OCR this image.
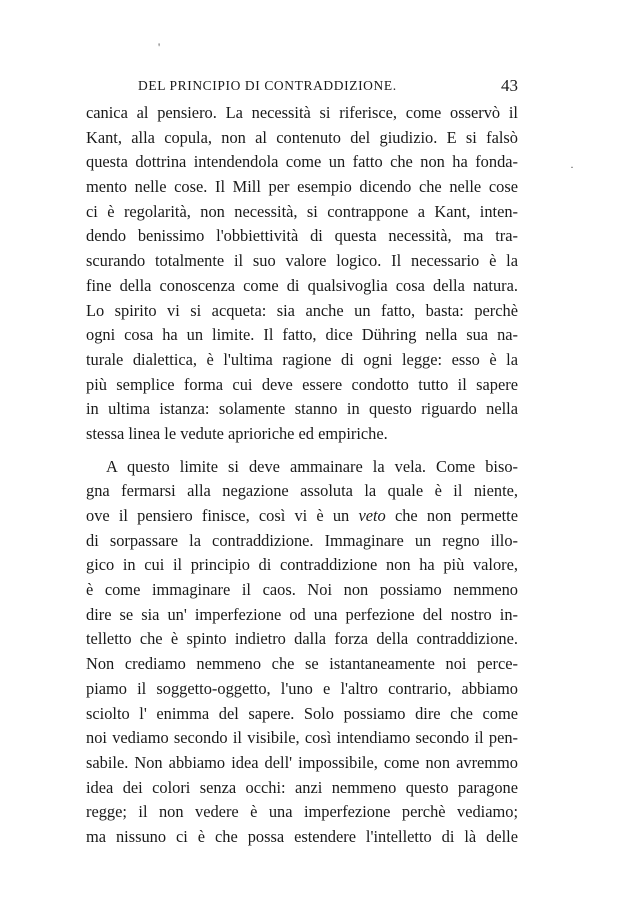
'
DEL PRINCIPIO DI CONTRADDIZIONE.	43
canica al pensiero. La necessità si riferisce, come osservò il
Kant, alla copula, non al contenuto del giudizio. E si falsò
questa dottrina intendendola come un fatto che non ha fonda-
mento nelle cose. Il Mill per esempio dicendo che nelle cose
ci è regolarità, non necessità, si contrappone a Kant, inten-
dendo benissimo l'obbiettività di questa necessità, ma tra-
scurando totalmente il suo valore logico. Il necessario è la
fine della conoscenza come di qualsivoglia cosa della natura.
Lo spirito vi si acqueta: sia anche un fatto, basta: perchè
ogni cosa ha un limite. Il fatto, dice Dühring nella sua na-
turale dialettica, è l'ultima ragione di ogni legge: esso è la
più semplice forma cui deve essere condotto tutto il sapere
in ultima istanza: solamente stanno in questo riguardo nella
stessa linea le vedute aprioriche ed empiriche.
A questo limite si deve ammainare la vela. Come biso-
gna fermarsi alla negazione assoluta la quale è il niente,
ove il pensiero finisce, così vi è un veto che non permette
di sorpassare la contraddizione. Immaginare un regno illo-
gico in cui il principio di contraddizione non ha più valore,
è come immaginare il caos. Noi non possiamo nemmeno
dire se sia un' imperfezione od una perfezione del nostro in-
telletto che è spinto indietro dalla forza della contraddizione.
Non crediamo nemmeno che se istantaneamente noi perce-
piamo il soggetto-oggetto, l'uno e l'altro contrario, abbiamo
sciolto l' enimma del sapere. Solo possiamo dire che come
noi vediamo secondo il visibile, così intendiamo secondo il pen-
sabile. Non abbiamo idea dell' impossibile, come non avremmo
idea dei colori senza occhi: anzi nemmeno questo paragone
regge; il non vedere è una imperfezione perchè vediamo;
ma nissuno ci è che possa estendere l'intelletto di là delle
·
